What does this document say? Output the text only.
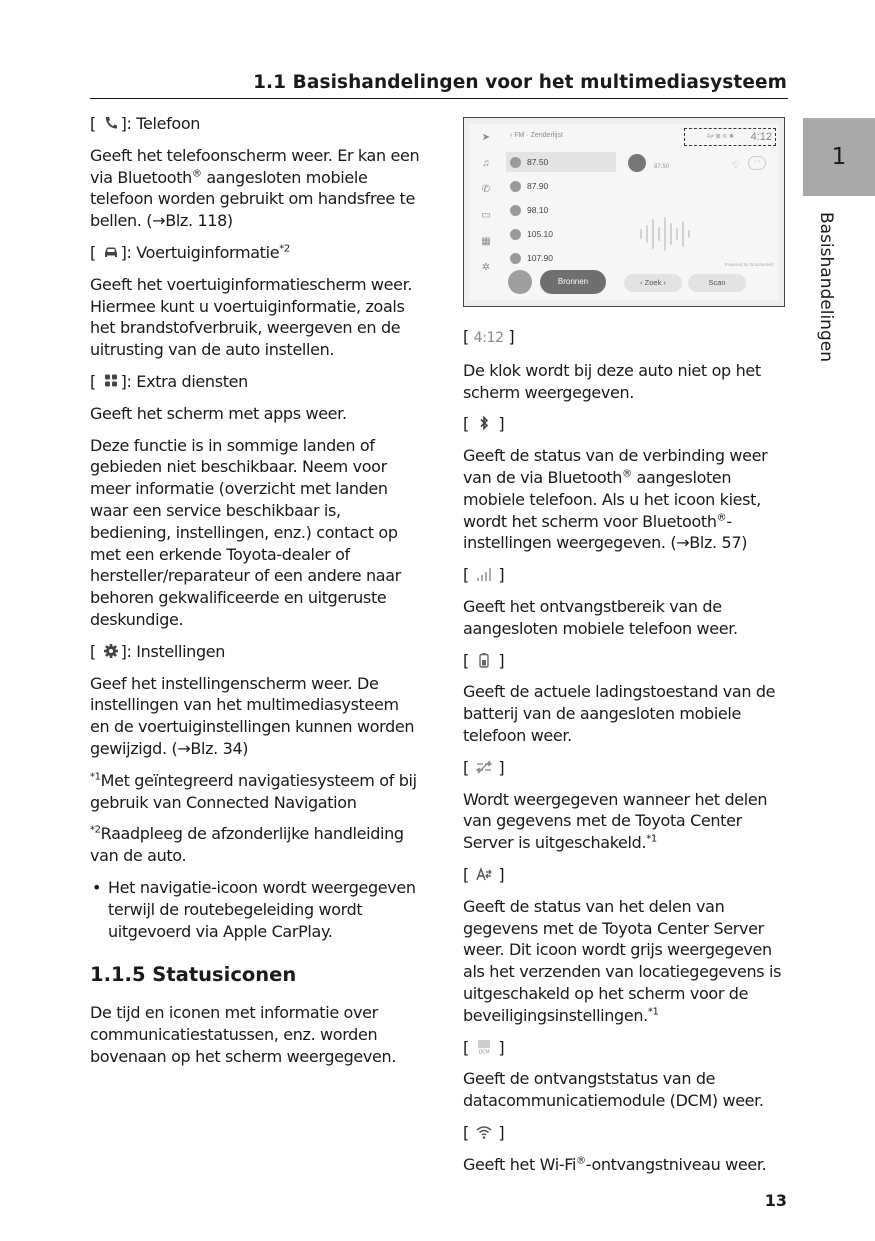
1.1 Basishandelingen voor het multimediasysteem
1
Basishandelingen

[ ]: Telefoon

Geeft het telefoonscherm weer. Er kan een via Bluetooth® aangesloten mobiele telefoon worden gebruikt om handsfree te bellen. (→Blz. 118)

[ ]: Voertuiginformatie$^{*2}$

Geeft het voertuiginformatiescherm weer. Hiermee kunt u voertuiginformatie, zoals het brandstofverbruik, weergeven en de uitrusting van de auto instellen.

[ ]: Extra diensten

Geeft het scherm met apps weer.

Deze functie is in sommige landen of gebieden niet beschikbaar. Neem voor meer informatie (overzicht met landen waar een service beschikbaar is, bediening, instellingen, enz.) contact op met een erkende Toyota-dealer of hersteller/reparateur of een andere naar behoren gekwalificeerde en uitgeruste deskundige.

[ ]: Instellingen

Geef het instellingenscherm weer. De instellingen van het multimediasysteem en de voertuiginstellingen kunnen worden gewijzigd. (→Blz. 34)

$^{*1}$Met geïntegreerd navigatiesysteem of bij gebruik van Connected Navigation

$^{*2}$Raadpleeg de afzonderlijke handleiding van de auto.

• Het navigatie-icoon wordt weergegeven terwijl de routebegeleiding wordt uitgevoerd via Apple CarPlay.
1.1.5 Statusiconen

De tijd en iconen met informatie over communicatiestatussen, enz. worden bovenaan op het scherm weergegeven.

➤
♫
✆
▭
▦
✲
‹ FM · Zenderlijst
87.50
87.90
98.10
105.10
107.90
A≠ ⊠ ≋ ✱ 4:12
87.50	♡	···
Powered by Gracenote®
Bronnen	‹ Zoek ›	Scan

[ 4:12 ]

De klok wordt bij deze auto niet op het scherm weergegeven.

[  ]

Geeft de status van de verbinding weer van de via Bluetooth® aangesloten mobiele telefoon. Als u het icoon kiest, wordt het scherm voor Bluetooth®-instellingen weergegeven. (→Blz. 57)

[  ]

Geeft het ontvangstbereik van de aangesloten mobiele telefoon weer.

[  ]

Geeft de actuele ladingstoestand van de batterij van de aangesloten mobiele telefoon weer.

[  ]

Wordt weergegeven wanneer het delen van gegevens met de Toyota Center Server is uitgeschakeld.$^{*1}$

[  ]

Geeft de status van het delen van gegevens met de Toyota Center Server weer. Dit icoon wordt grijs weergegeven als het verzenden van locatiegegevens is uitgeschakeld op het scherm voor de beveiligingsinstellingen.$^{*1}$

[ DCM ]

Geeft de ontvangststatus van de datacommunicatiemodule (DCM) weer.

[  ]

Geeft het Wi-Fi®-ontvangstniveau weer.

13
